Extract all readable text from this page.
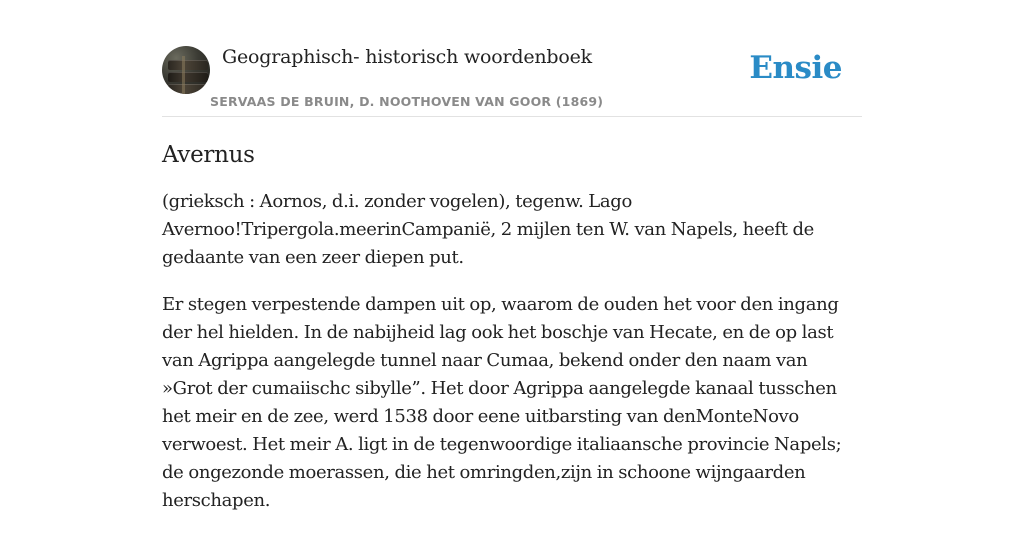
Geographisch- historisch woordenboek
SERVAAS DE BRUIN, D. NOOTHOVEN VAN GOOR (1869)
Ensie
Avernus

(grieksch : Aornos, d.i. zonder vogelen), tegenw. Lago Avernoo!Tripergola.meerinCampanië, 2 mijlen ten W. van Napels, heeft de gedaante van een zeer diepen put.

Er stegen verpestende dampen uit op, waarom de ouden het voor den ingang der hel hielden. In de nabijheid lag ook het boschje van Hecate, en de op last van Agrippa aangelegde tunnel naar Cumaa, bekend onder den naam van »Grot der cumaiischc sibylle”. Het door Agrippa aangelegde kanaal tusschen het meir en de zee, werd 1538 door eene uitbarsting van denMonteNovo verwoest. Het meir A. ligt in de tegenwoordige italiaansche provincie Napels; de ongezonde moerassen, die het omringden,zijn in schoone wijngaarden herschapen.
